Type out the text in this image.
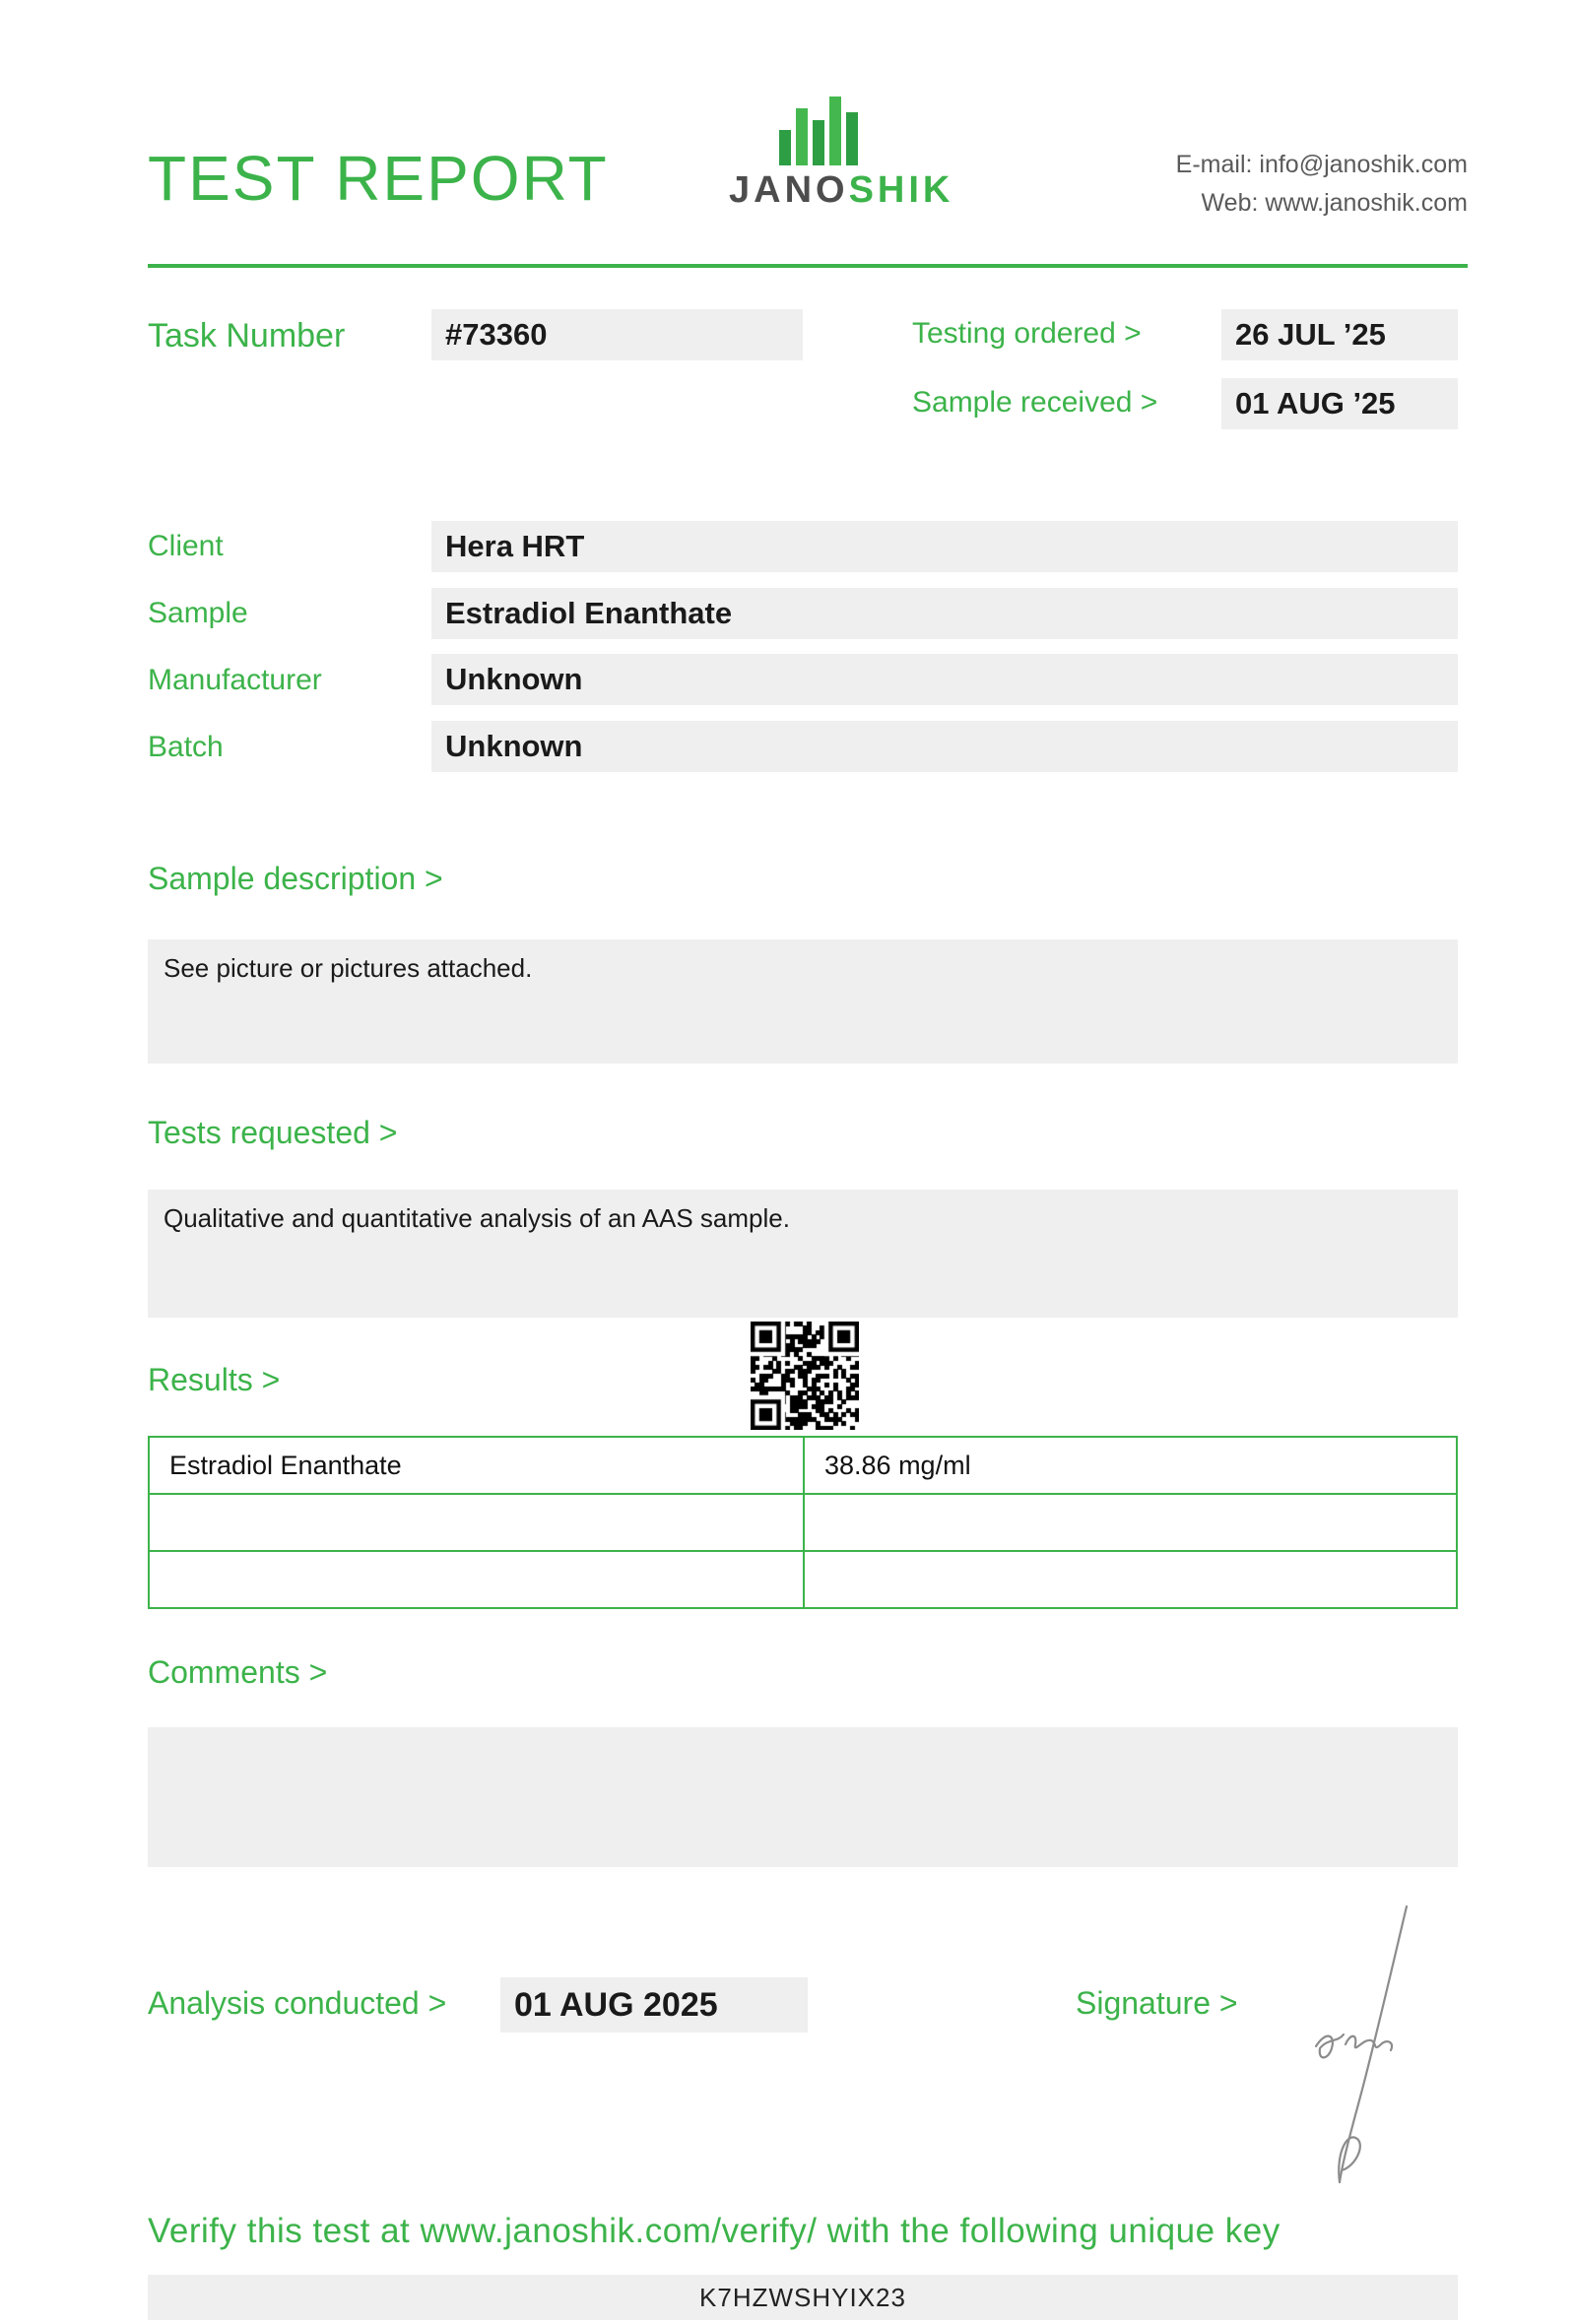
TEST REPORT	JANOSHIK
E-mail: info@janoshik.com
Web: www.janoshik.com
Task Number	#73360	Testing ordered >	26 JUL ’25
Sample received >	01 AUG ’25
Client	Hera HRT
Sample	Estradiol Enanthate
Manufacturer	Unknown
Batch	Unknown
Sample description >
See picture or pictures attached.
Tests requested >
Qualitative and quantitative analysis of an AAS sample.
Results >
Estradiol Enanthate	38.86 mg/ml

Comments >
Analysis conducted >	01 AUG 2025	Signature >
Verify this test at www.janoshik.com/verify/ with the following unique key
K7HZWSHYIX23
